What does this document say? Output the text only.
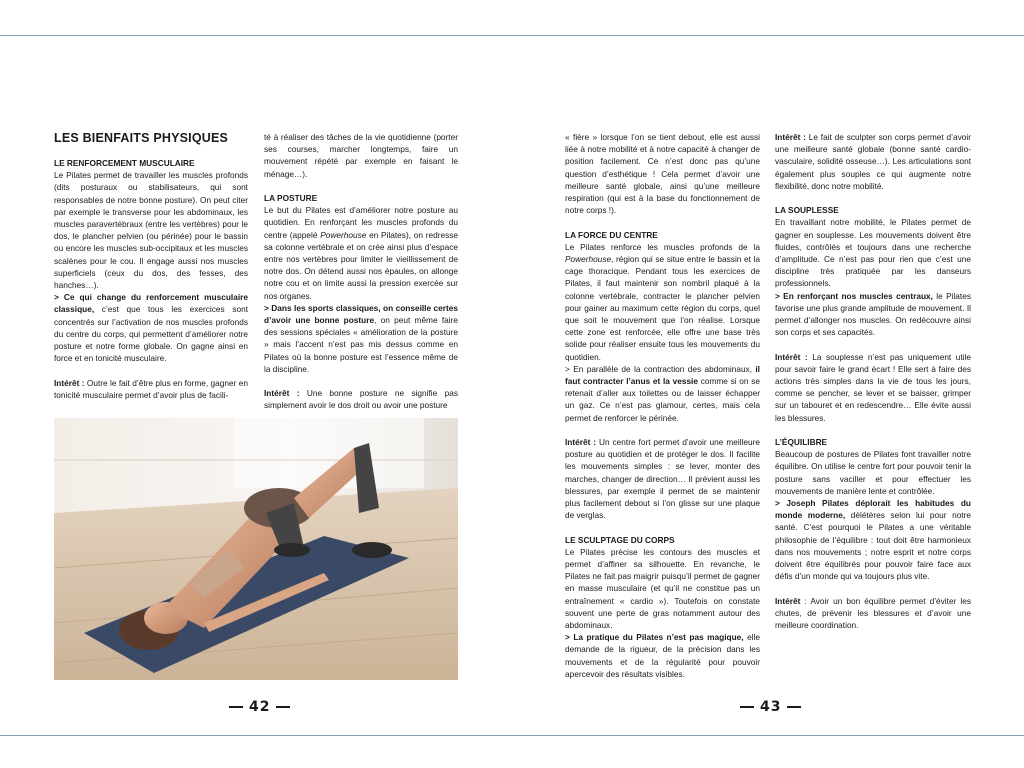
LES BIENFAITS PHYSIQUES

LE RENFORCEMENT MUSCULAIRE

Le Pilates permet de travailler les muscles profonds (dits posturaux ou stabilisateurs, qui sont responsables de notre bonne posture). On peut citer par exemple le transverse pour les abdominaux, les muscles paravertébraux (entre les vertèbres) pour le dos, le plancher pelvien (ou périnée) pour le bassin ou encore les muscles sub-occipitaux et les muscles scalènes pour le cou. Il engage aussi nos muscles superficiels (ceux du dos, des fesses, des hanches…).

> Ce qui change du renforcement musculaire classique, c’est que tous les exercices sont concentrés sur l’activation de nos muscles profonds du centre du corps, qui permettent d’améliorer notre posture et notre forme globale. On gagne ainsi en force et en tonicité musculaire.

Intérêt : Outre le fait d’être plus en forme, gagner en tonicité musculaire permet d’avoir plus de facili-

té à réaliser des tâches de la vie quotidienne (porter ses courses, marcher longtemps, faire un mouvement répété par exemple en faisant le ménage…).

LA POSTURE

Le but du Pilates est d’améliorer notre posture au quotidien. En renforçant les muscles profonds du centre (appelé Powerhouse en Pilates), on redresse sa colonne vertébrale et on crée ainsi plus d’espace entre nos vertèbres pour limiter le vieillissement de notre dos. On détend aussi nos épaules, on allonge notre cou et on limite aussi la pression exercée sur nos organes.

> Dans les sports classiques, on conseille certes d’avoir une bonne posture, on peut même faire des sessions spéciales « amélioration de la posture » mais l’accent n’est pas mis dessus comme en Pilates où la bonne posture est l’essence même de la discipline.

Intérêt : Une bonne posture ne signifie pas simplement avoir le dos droit ou avoir une posture

« fière » lorsque l’on se tient debout, elle est aussi liée à notre mobilité et à notre capacité à changer de position facilement. Ce n’est donc pas qu’une question d’esthétique ! Cela permet d’avoir une meilleure santé globale, ainsi qu’une meilleure respiration (qui est à la base du fonctionnement de notre corps !).

LA FORCE DU CENTRE

Le Pilates renforce les muscles profonds de la Powerhouse, région qui se situe entre le bassin et la cage thoracique. Pendant tous les exercices de Pilates, il faut maintenir son nombril plaqué à la colonne vertébrale, contracter le plancher pelvien pour gainer au maximum cette région du corps, quel que soit le mouvement que l’on réalise. Lorsque cette zone est renforcée, elle offre une base très solide pour réaliser ensuite tous les mouvements du quotidien.

> En parallèle de la contraction des abdominaux, il faut contracter l’anus et la vessie comme si on se retenait d’aller aux toilettes ou de laisser échapper un gaz. Ce n’est pas glamour, certes, mais cela permet de renforcer le périnée.

Intérêt : Un centre fort permet d’avoir une meilleure posture au quotidien et de protéger le dos. Il facilite les mouvements simples : se lever, monter des marches, changer de direction… Il prévient aussi les blessures, par exemple il permet de se maintenir plus facilement debout si l’on glisse sur une plaque de verglas.

LE SCULPTAGE DU CORPS

Le Pilates précise les contours des muscles et permet d’affiner sa silhouette. En revanche, le Pilates ne fait pas maigrir puisqu’il permet de gagner en masse musculaire (et qu’il ne constitue pas un entraînement « cardio »). Toutefois on constate souvent une perte de gras notamment autour des abdominaux.

> La pratique du Pilates n’est pas magique, elle demande de la rigueur, de la précision dans les mouvements et de la régularité pour pouvoir apercevoir des résultats visibles.

Intérêt : Le fait de sculpter son corps permet d’avoir une meilleure santé globale (bonne santé cardio-vasculaire, solidité osseuse…). Les articulations sont également plus souples ce qui augmente notre flexibilité, donc notre mobilité.

LA SOUPLESSE

En travaillant notre mobilité, le Pilates permet de gagner en souplesse. Les mouvements doivent être fluides, contrôlés et toujours dans une recherche d’amplitude. Ce n’est pas pour rien que c’est une discipline très pratiquée par les danseurs professionnels.

> En renforçant nos muscles centraux, le Pilates favorise une plus grande amplitude de mouvement. Il permet d’allonger nos muscles. On redécouvre ainsi son corps et ses capacités.

Intérêt : La souplesse n’est pas uniquement utile pour savoir faire le grand écart ! Elle sert à faire des actions très simples dans la vie de tous les jours, comme se pencher, se lever et se baisser, grimper sur un tabouret et en redescendre… Elle évite aussi les blessures.

L’ÉQUILIBRE

Beaucoup de postures de Pilates font travailler notre équilibre. On utilise le centre fort pour pouvoir tenir la posture sans vaciller et pour effectuer les mouvements de manière lente et contrôlée.

> Joseph Pilates déplorait les habitudes du monde moderne, délétères selon lui pour notre santé. C’est pourquoi le Pilates a une véritable philosophie de l’équilibre : tout doit être harmonieux dans nos mouvements ; notre esprit et notre corps doivent être équilibrés pour pouvoir faire face aux défis d’un monde qui va toujours plus vite.

Intérêt : Avoir un bon équilibre permet d’éviter les chutes, de prévenir les blessures et d’avoir une meilleure coordination.

42	43
